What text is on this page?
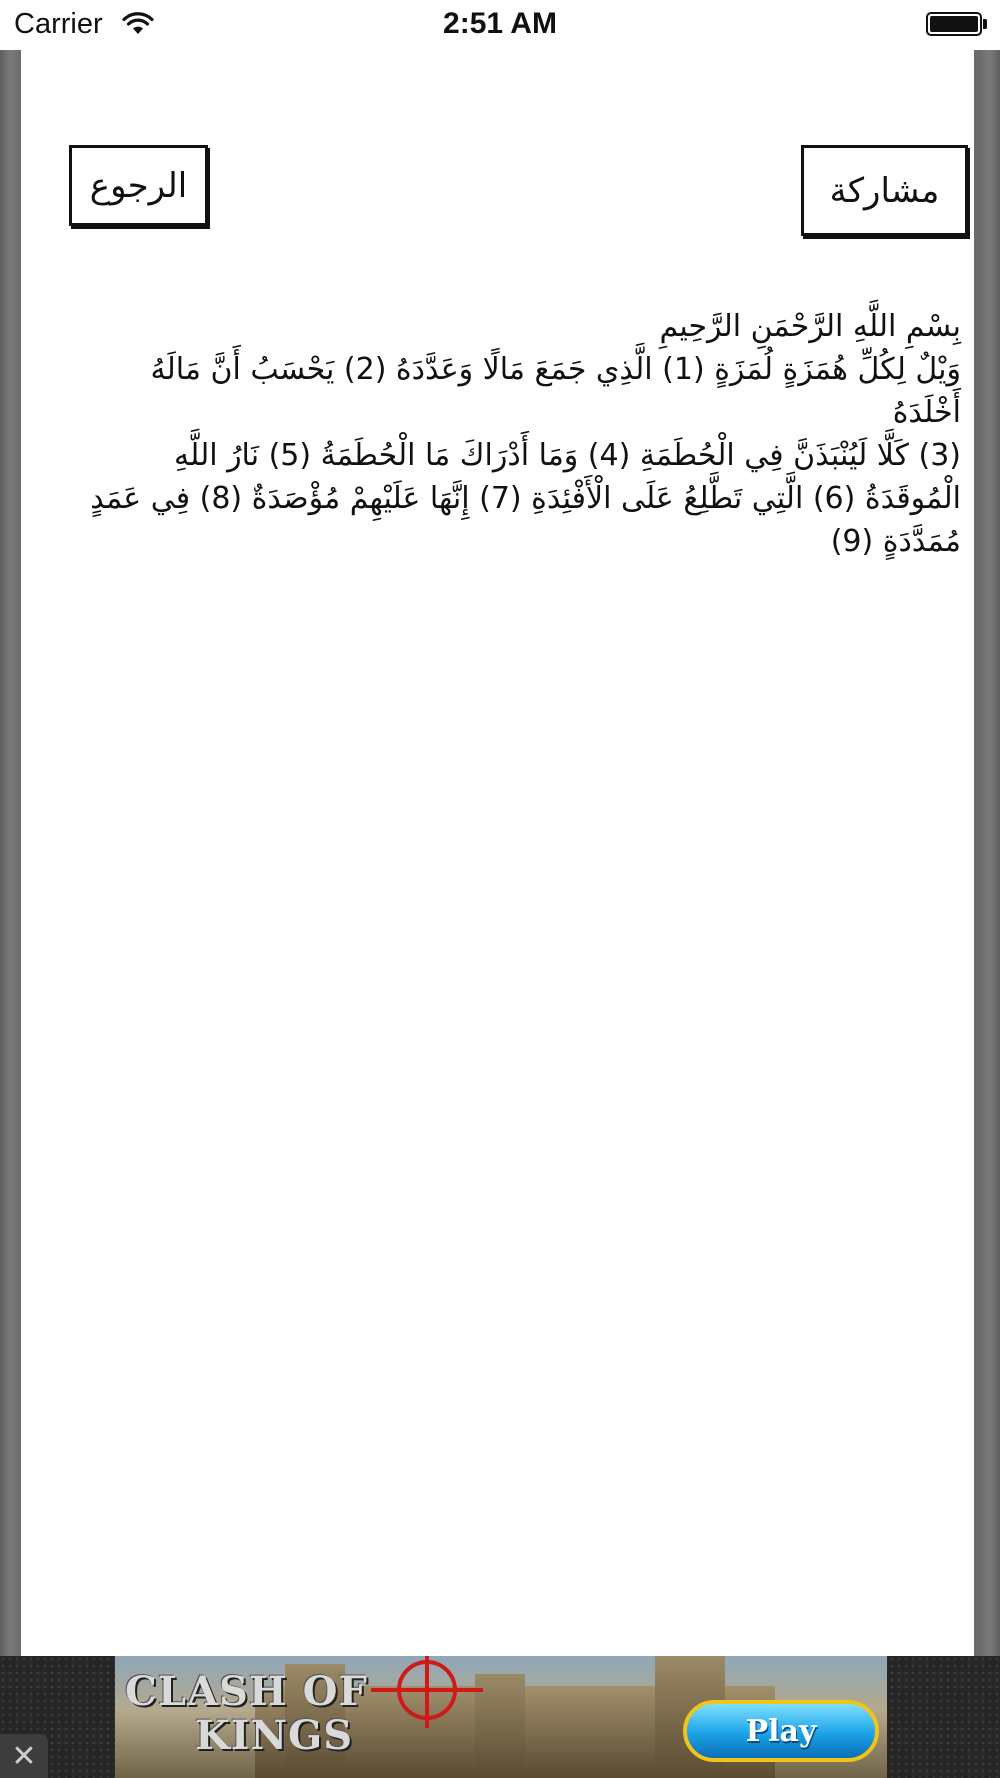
الرجوع	مشاركة
بِسْمِ اللَّهِ الرَّحْمَنِ الرَّحِيمِ
وَيْلٌ لِكُلِّ هُمَزَةٍ لُمَزَةٍ (1) الَّذِي جَمَعَ مَالًا وَعَدَّدَهُ (2) يَحْسَبُ أَنَّ مَالَهُ أَخْلَدَهُ
(3) كَلَّا لَيُنْبَذَنَّ فِي الْحُطَمَةِ (4) وَمَا أَدْرَاكَ مَا الْحُطَمَةُ (5) نَارُ اللَّهِ
الْمُوقَدَةُ (6) الَّتِي تَطَّلِعُ عَلَى الْأَفْئِدَةِ (7) إِنَّهَا عَلَيْهِمْ مُؤْصَدَةٌ (8) فِي عَمَدٍ
مُمَدَّدَةٍ (9)
Carrier	2:51 AM
CLASH OF
KINGS	Play
✕
